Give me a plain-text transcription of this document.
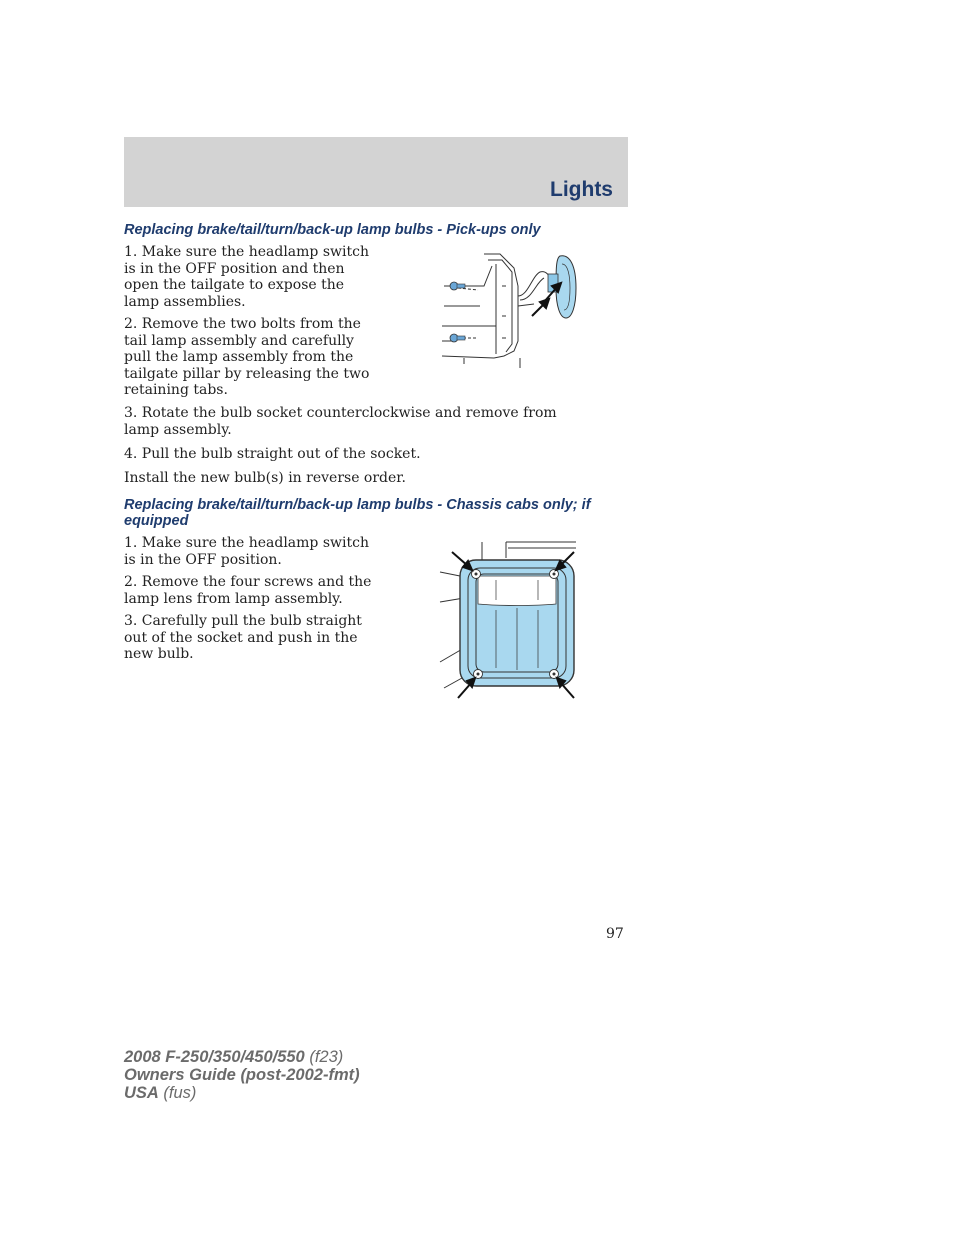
Lights
Replacing brake/tail/turn/back-up lamp bulbs - Pick-ups only

1. Make sure the headlamp switch is in the OFF position and then open the tailgate to expose the lamp assemblies.

2. Remove the two bolts from the tail lamp assembly and carefully pull the lamp assembly from the tailgate pillar by releasing the two retaining tabs.

3. Rotate the bulb socket counterclockwise and remove from lamp assembly.

4. Pull the bulb straight out of the socket.

Install the new bulb(s) in reverse order.

Replacing brake/tail/turn/back-up lamp bulbs - Chassis cabs only; if equipped

1. Make sure the headlamp switch is in the OFF position.

2. Remove the four screws and the lamp lens from lamp assembly.

3. Carefully pull the bulb straight out of the socket and push in the new bulb.

97
2008 F-250/350/450/550 (f23)
Owners Guide (post-2002-fmt)
USA (fus)
